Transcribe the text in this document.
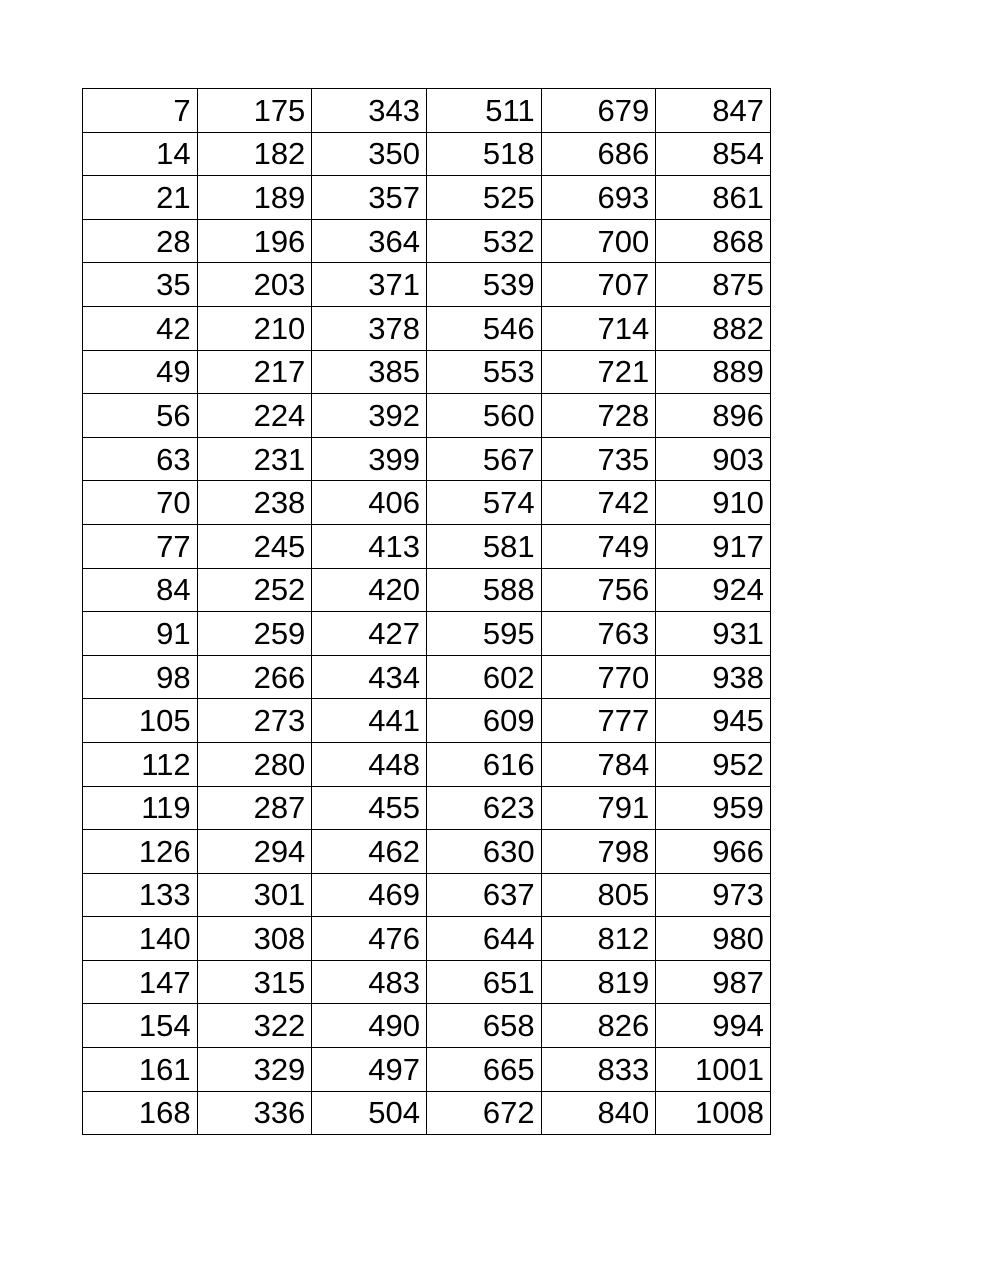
7	175	343	511	679	847
14	182	350	518	686	854
21	189	357	525	693	861
28	196	364	532	700	868
35	203	371	539	707	875
42	210	378	546	714	882
49	217	385	553	721	889
56	224	392	560	728	896
63	231	399	567	735	903
70	238	406	574	742	910
77	245	413	581	749	917
84	252	420	588	756	924
91	259	427	595	763	931
98	266	434	602	770	938
105	273	441	609	777	945
112	280	448	616	784	952
119	287	455	623	791	959
126	294	462	630	798	966
133	301	469	637	805	973
140	308	476	644	812	980
147	315	483	651	819	987
154	322	490	658	826	994
161	329	497	665	833	1001
168	336	504	672	840	1008
